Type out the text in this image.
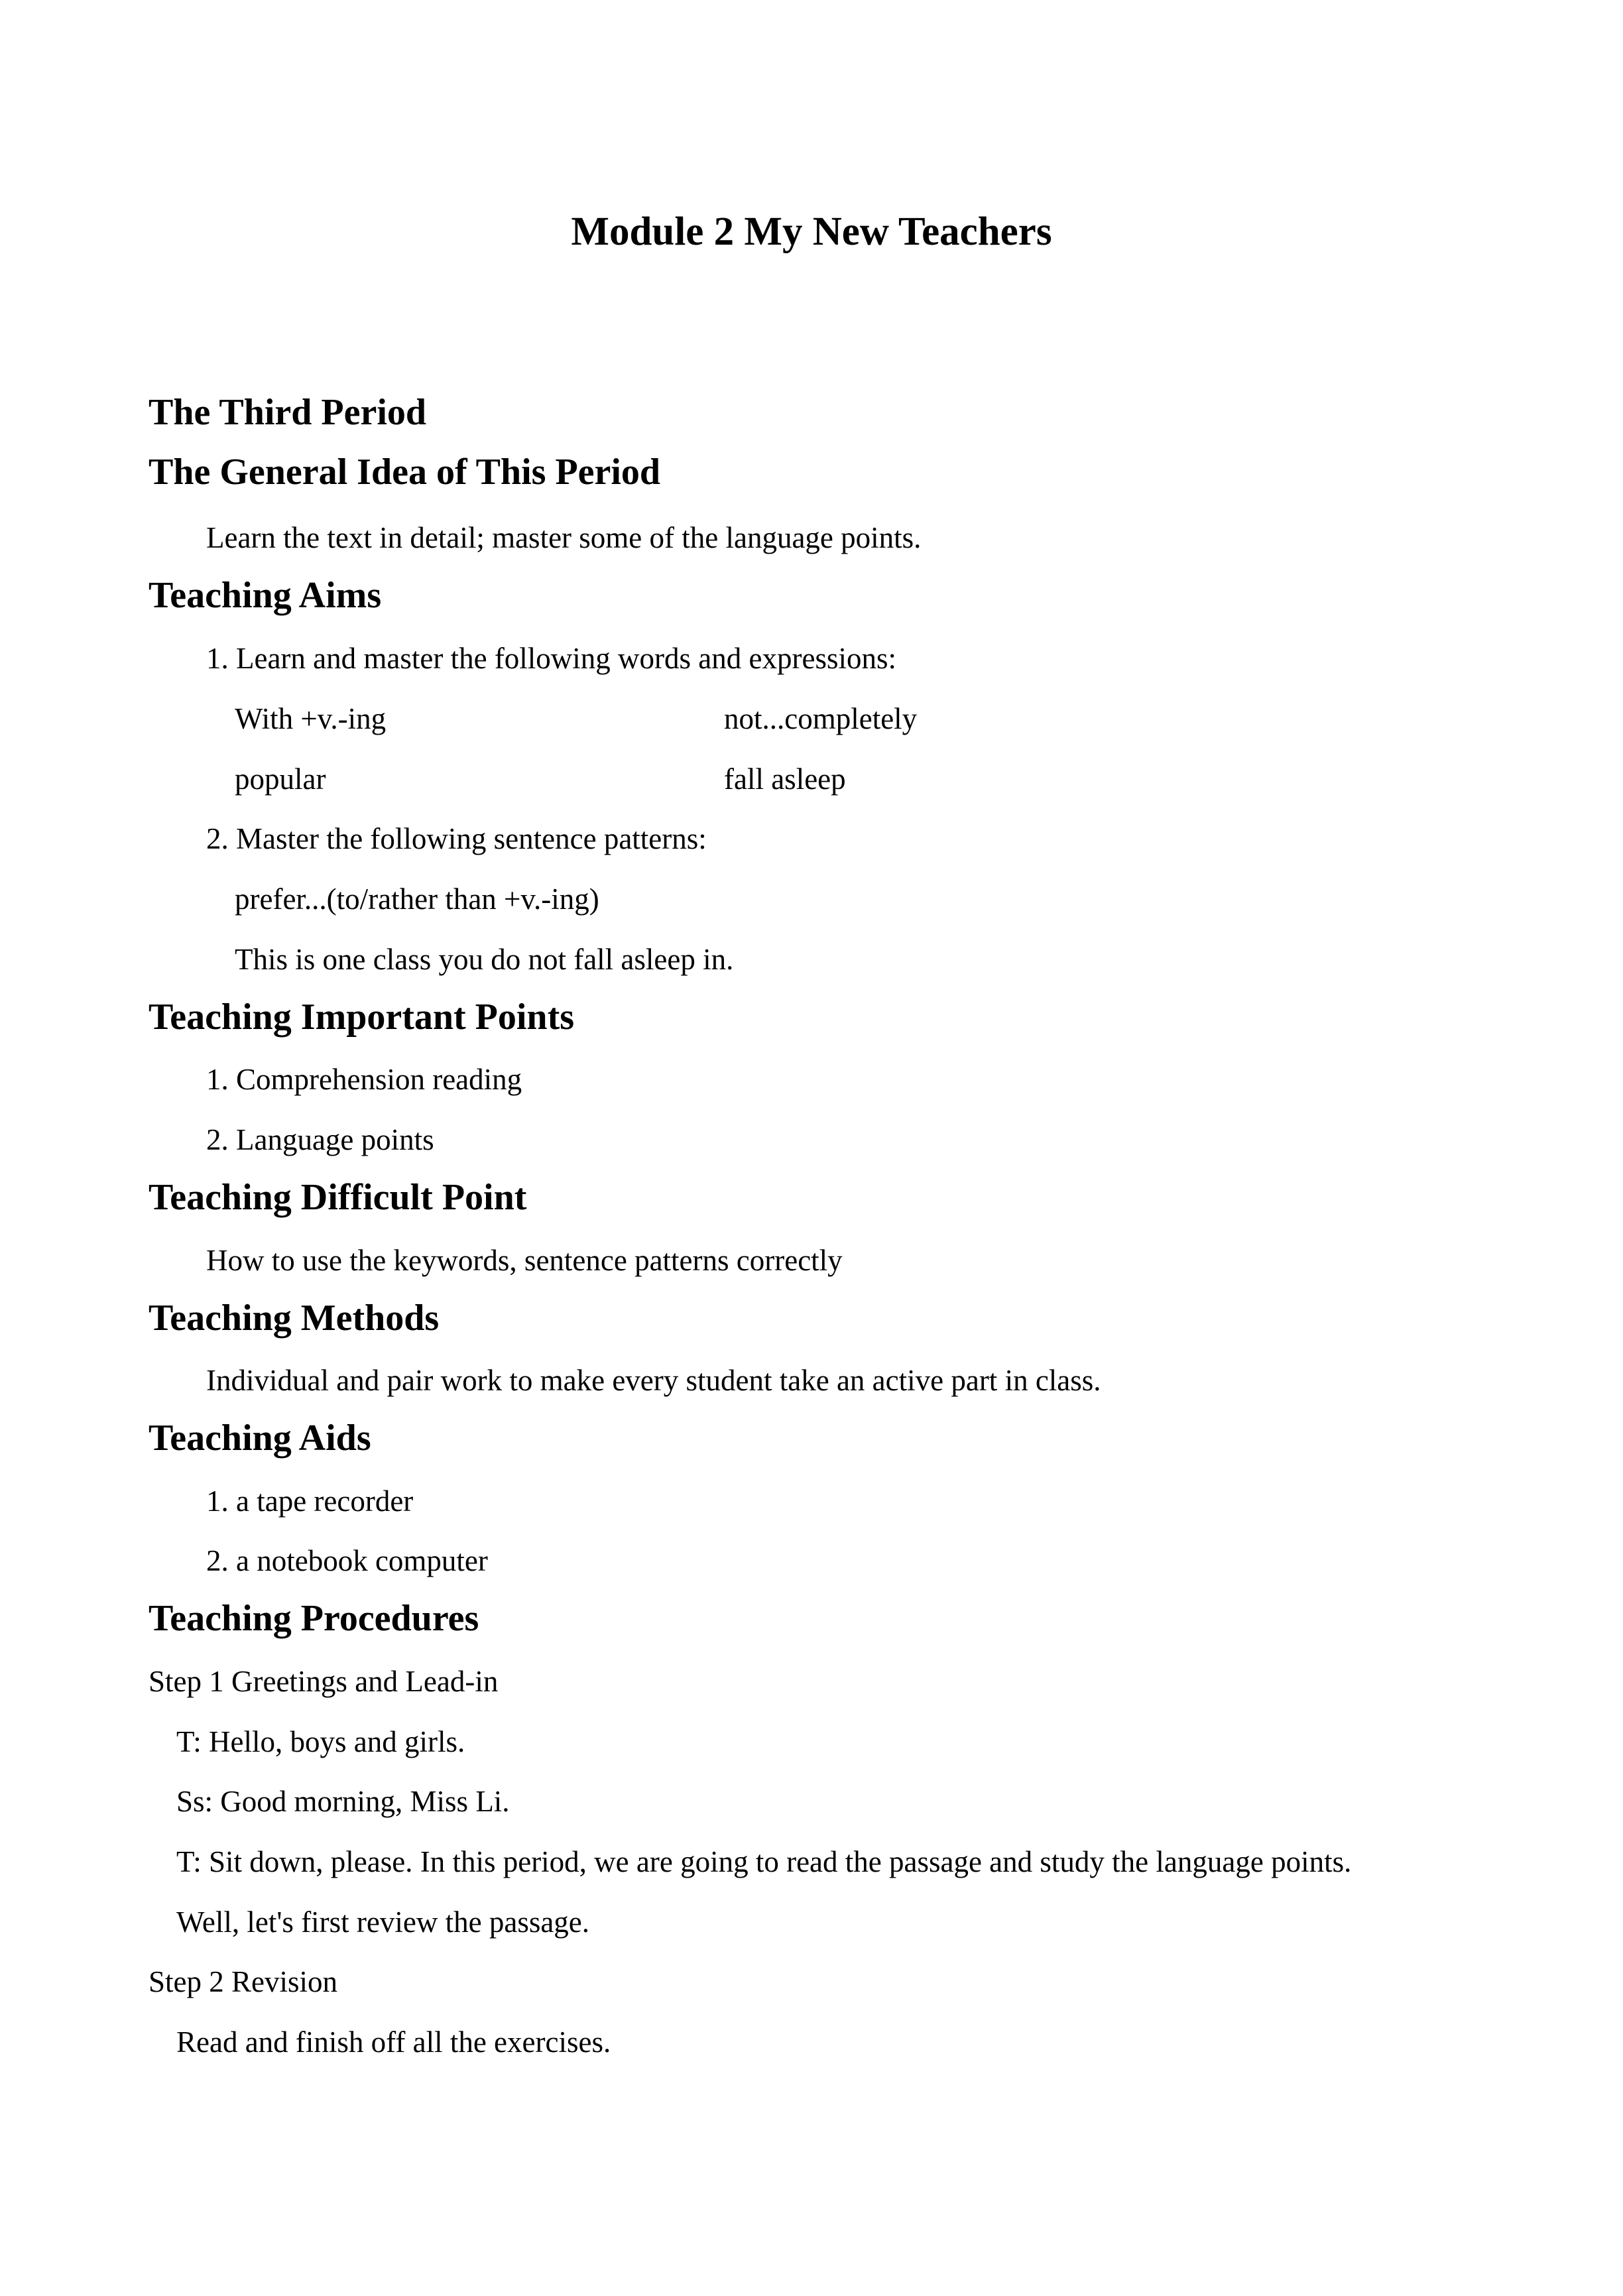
Module 2 My New Teachers
The Third Period
The General Idea of This Period
Learn the text in detail; master some of the language points.
Teaching Aims
1. Learn and master the following words and expressions:
With +v.-ing	not...completely
popular	fall asleep
2. Master the following sentence patterns:
prefer...(to/rather than +v.-ing)
This is one class you do not fall asleep in.
Teaching Important Points
1. Comprehension reading
2. Language points
Teaching Difficult Point
How to use the keywords, sentence patterns correctly
Teaching Methods
Individual and pair work to make every student take an active part in class.
Teaching Aids
1. a tape recorder
2. a notebook computer
Teaching Procedures
Step 1 Greetings and Lead-in
T: Hello, boys and girls.
Ss: Good morning, Miss Li.
T: Sit down, please. In this period, we are going to read the passage and study the language points.
Well, let's first review the passage.
Step 2 Revision
Read and finish off all the exercises.
